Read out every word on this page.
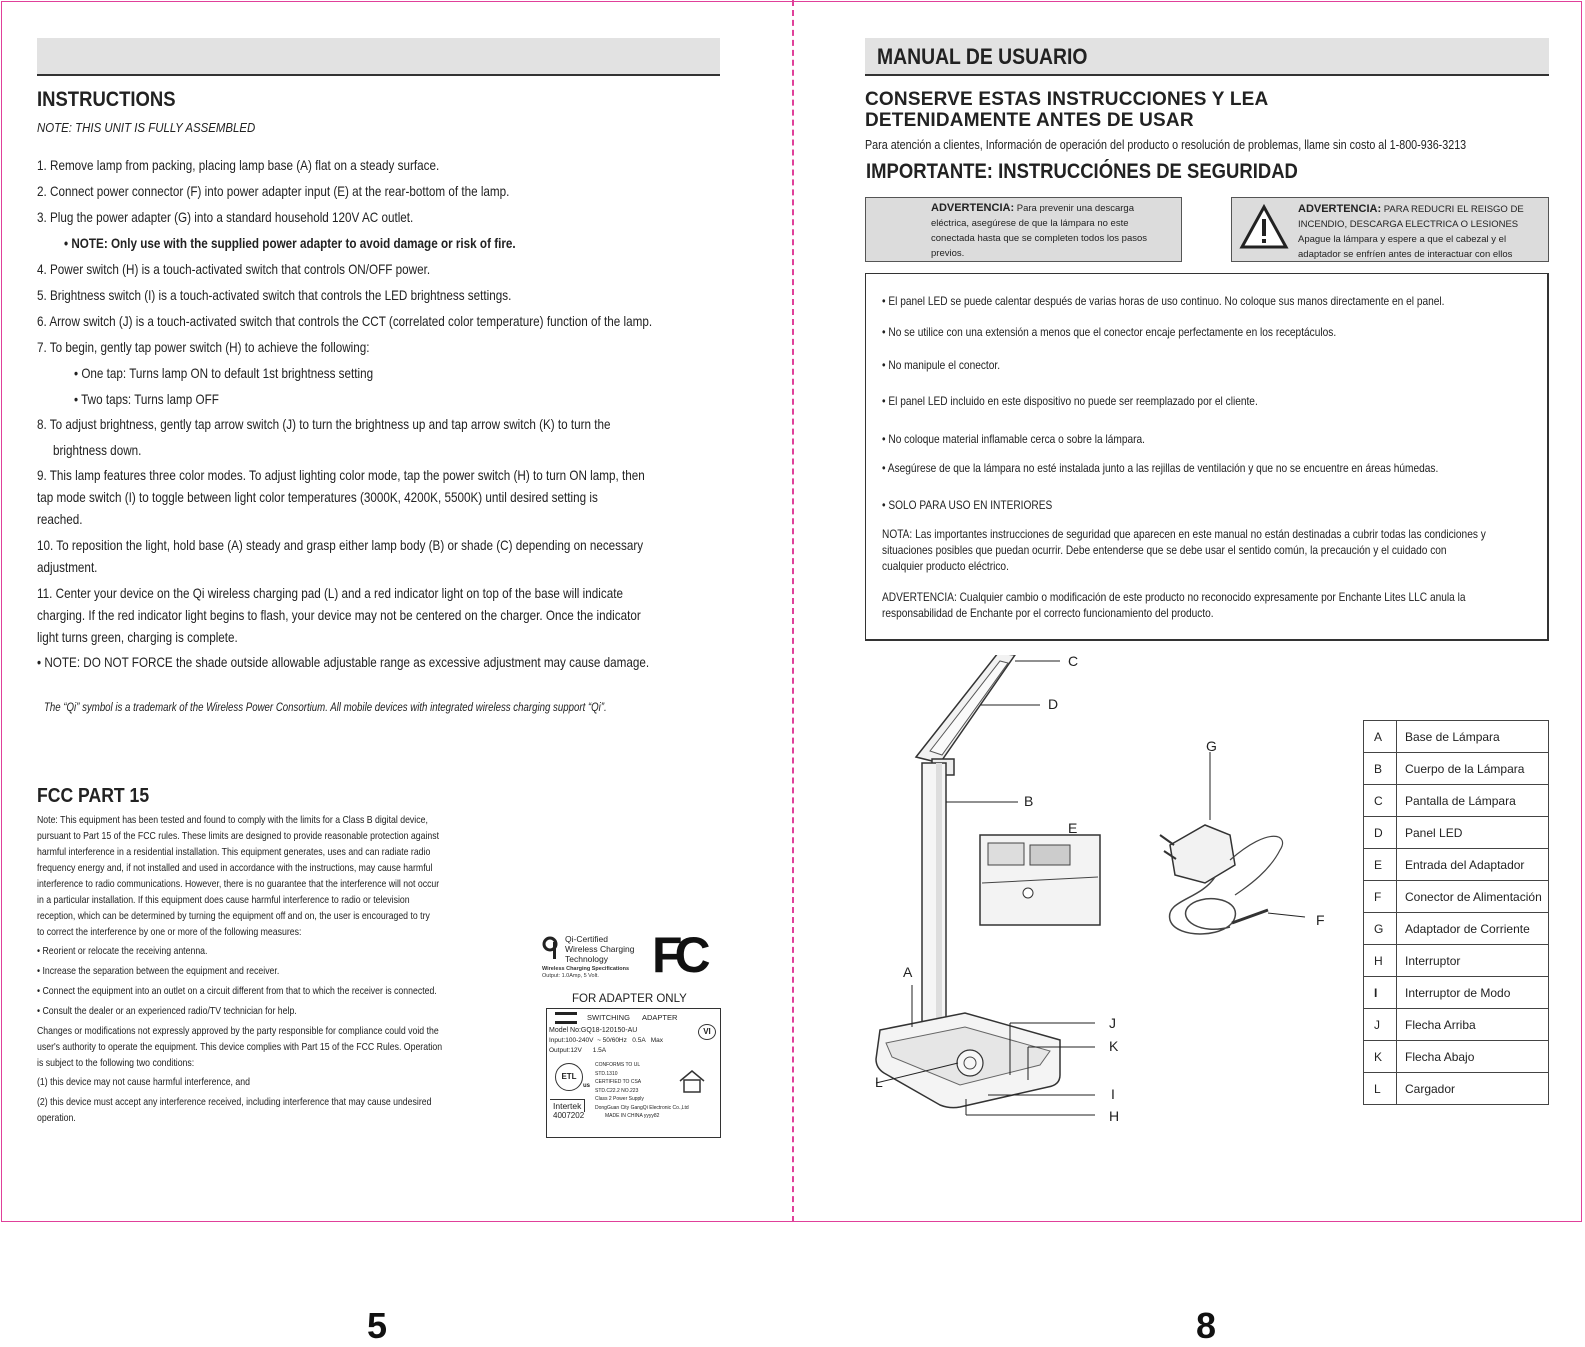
INSTRUCTIONS
NOTE: THIS UNIT IS FULLY ASSEMBLED
1. Remove lamp from packing, placing lamp base (A) flat on a steady surface.
2. Connect power connector (F) into power adapter input (E) at the rear-bottom of the lamp.
3. Plug the power adapter (G) into a standard household 120V AC outlet.
• NOTE: Only use with the supplied power adapter to avoid damage or risk of fire.
4. Power switch (H) is a touch-activated switch that controls ON/OFF power.
5. Brightness switch (I) is a touch-activated switch that controls the LED brightness settings.
6. Arrow switch (J) is a touch-activated switch that controls the CCT (correlated color temperature) function of the lamp.
7. To begin, gently tap power switch (H) to achieve the following:
• One tap: Turns lamp ON to default 1st brightness setting
• Two taps: Turns lamp OFF
8. To adjust brightness, gently tap arrow switch (J) to turn the brightness up and tap arrow switch (K) to turn the
brightness down.
9. This lamp features three color modes. To adjust lighting color mode, tap the power switch (H) to turn ON lamp, then
tap mode switch (I) to toggle between light color temperatures (3000K, 4200K, 5500K) until desired setting is
reached.
10. To reposition the light, hold base (A) steady and grasp either lamp body (B) or shade (C) depending on necessary
adjustment.
11. Center your device on the Qi wireless charging pad (L) and a red indicator light on top of the base will indicate
charging. If the red indicator light begins to flash, your device may not be centered on the charger. Once the indicator
light turns green, charging is complete.
• NOTE: DO NOT FORCE the shade outside allowable adjustable range as excessive adjustment may cause damage.
The “Qi” symbol is a trademark of the Wireless Power Consortium. All mobile devices with integrated wireless charging support “Qi”.
FCC PART 15
Note: This equipment has been tested and found to comply with the limits for a Class B digital device,
pursuant to Part 15 of the FCC rules. These limits are designed to provide reasonable protection against
harmful interference in a residential installation. This equipment generates, uses and can radiate radio
frequency energy and, if not installed and used in accordance with the instructions, may cause harmful
interference to radio communications. However, there is no guarantee that the interference will not occur
in a particular installation. If this equipment does cause harmful interference to radio or television
reception, which can be determined by turning the equipment off and on, the user is encouraged to try
to correct the interference by one or more of the following measures:
• Reorient or relocate the receiving antenna.
• Increase the separation between the equipment and receiver.
• Connect the equipment into an outlet on a circuit different from that to which the receiver is connected.
• Consult the dealer or an experienced radio/TV technician for help.
Changes or modifications not expressly approved by the party responsible for compliance could void the
user's authority to operate the equipment. This device complies with Part 15 of the FCC Rules. Operation
is subject to the following two conditions:
(1) this device may not cause harmful interference, and
(2) this device must accept any interference received, including interference that may cause undesired
operation.
Qi-Certified
Wireless Charging
Technology
Wireless Charging Specifications
Output: 1.0Amp, 5 Volt.	FC
FOR ADAPTER ONLY
SWITCHING      ADAPTER
Model No:GQ18-120150-AU
Input:100-240V  ~ 50/60Hz   0.5A   Max
Output:12V      1.5A
VI
ETL
us
CONFORMS TO UL
STD.1310
CERTIFIED TO CSA
STD.C22.2 NO.223
Class 2 Power Supply
DongGuan City GangQi Electronic Co.,Ltd
MADE IN CHINA yyyy82
Intertek
4007202
5
MANUAL DE USUARIO
CONSERVE ESTAS INSTRUCCIONES Y LEA
DETENIDAMENTE ANTES DE USAR
Para atención a clientes, Información de operación del producto o resolución de problemas, llame sin costo al 1-800-936-3213
IMPORTANTE: INSTRUCCIÓNES DE SEGURIDAD
ADVERTENCIA: Para prevenir una descarga eléctrica, asegúrese de que la lámpara no este conectada hasta que se completen todos los pasos previos.
ADVERTENCIA: PARA REDUCRI EL REISGO DE INCENDIO, DESCARGA ELECTRICA O LESIONES Apague la lámpara y espere a que el cabezal y el adaptador se enfríen antes de interactuar con ellos
• El panel LED se puede calentar después de varias horas de uso continuo. No coloque sus manos directamente en el panel.
• No se utilice con una extensión a menos que el conector encaje perfectamente en los receptáculos.
• No manipule el conector.
• El panel LED incluido en este dispositivo no puede ser reemplazado por el cliente.
• No coloque material inflamable cerca o sobre la lámpara.
• Asegúrese de que la lámpara no esté instalada junto a las rejillas de ventilación y que no se encuentre en áreas húmedas.
• SOLO PARA USO EN INTERIORES
NOTA: Las importantes instrucciones de seguridad que aparecen en este manual no están destinadas a cubrir todas las condiciones y
situaciones posibles que puedan ocurrir. Debe entenderse que se debe usar el sentido común, la precaución y el cuidado con
cualquier producto eléctrico.
ADVERTENCIA: Cualquier cambio o modificación de este producto no reconocido expresamente por Enchante Lites LLC anula la
responsabilidad de Enchante por el correcto funcionamiento del producto.
C
D
B
E
A
L
J
K
I
H
G
F
A	Base de Lámpara
B	Cuerpo de la Lámpara
C	Pantalla de Lámpara
D	Panel LED
E	Entrada del Adaptador
F	Conector de Alimentación
G	Adaptador de Corriente
H	Interruptor
I	Interruptor de Modo
J	Flecha Arriba
K	Flecha Abajo
L	Cargador
8
